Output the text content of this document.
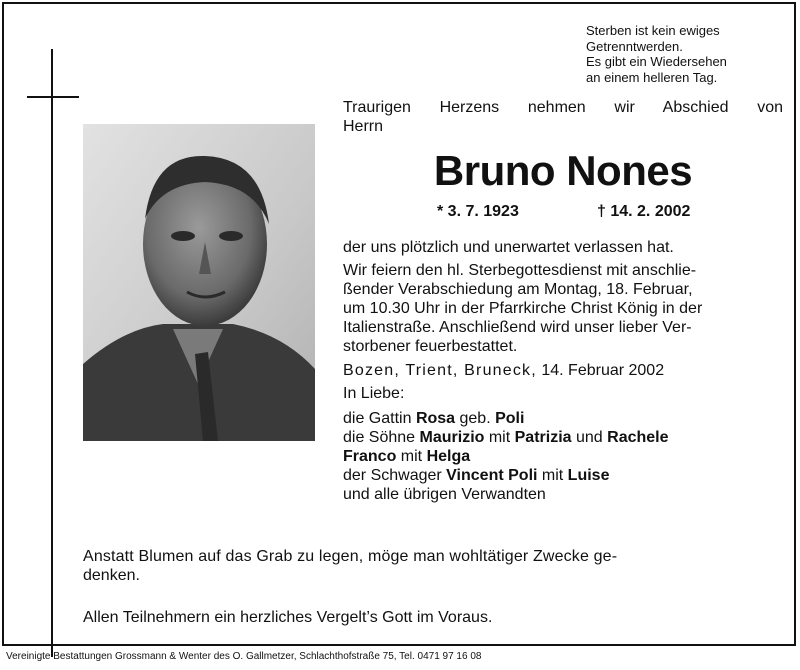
Sterben ist kein ewiges
Getrenntwerden.
Es gibt ein Wiedersehen
an einem helleren Tag.
Traurigen Herzens nehmen wir Abschied von
Herrn
Bruno Nones
* 3. 7. 1923	† 14. 2. 2002
der uns plötzlich und unerwartet verlassen hat.

Wir feiern den hl. Sterbegottesdienst mit anschlie-
ßender Verabschiedung am Montag, 18. Februar,
um 10.30 Uhr in der Pfarrkirche Christ König in der
Italienstraße. Anschließend wird unser lieber Ver-
storbener feuerbestattet.

Bozen, Trient, Bruneck, 14. Februar 2002
In Liebe:
die Gattin Rosa geb. Poli
die Söhne Maurizio mit Patrizia und Rachele
Franco mit Helga
der Schwager Vincent Poli mit Luise
und alle übrigen Verwandten
Anstatt Blumen auf das Grab zu legen, möge man wohltätiger Zwecke ge-
denken.
Allen Teilnehmern ein herzliches Vergelt’s Gott im Voraus.
Vereinigte Bestattungen Grossmann & Wenter des O. Gallmetzer, Schlachthofstraße 75, Tel. 0471 97 16 08
